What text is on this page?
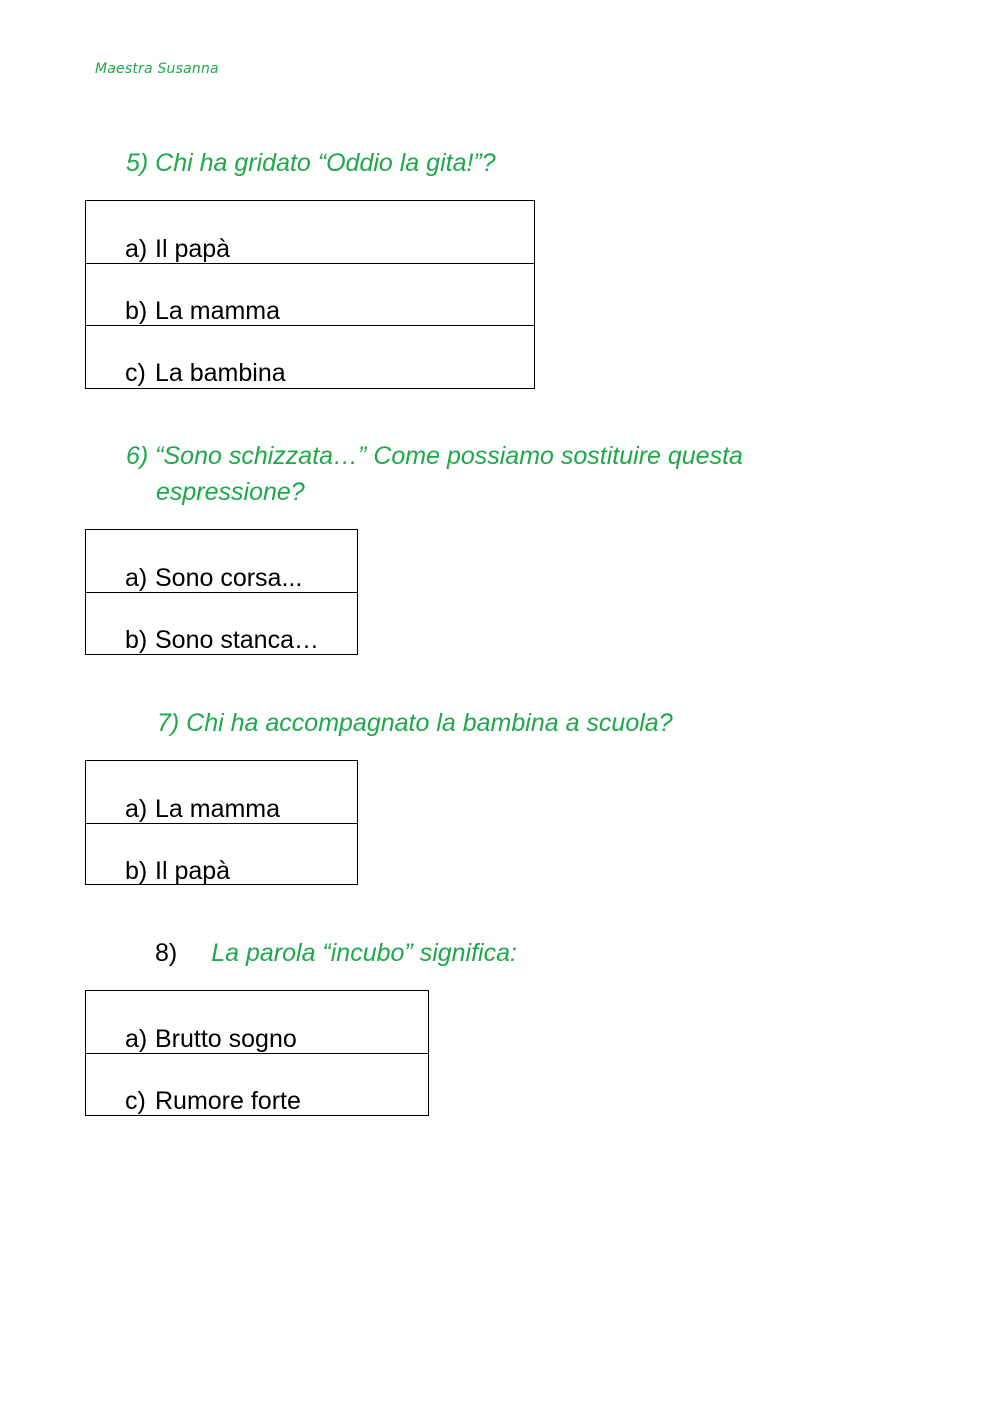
Maestra Susanna
5) Chi ha gridato “Oddio la gita!”?
a) Il papà
b) La mamma
c) La bambina
6) “Sono schizzata…” Come possiamo sostituire questa
espressione?
a) Sono corsa...
b) Sono stanca…
7) Chi ha accompagnato la bambina a scuola?
a) La mamma
b) Il papà
8) La parola “incubo” significa:
a) Brutto sogno
c) Rumore forte
